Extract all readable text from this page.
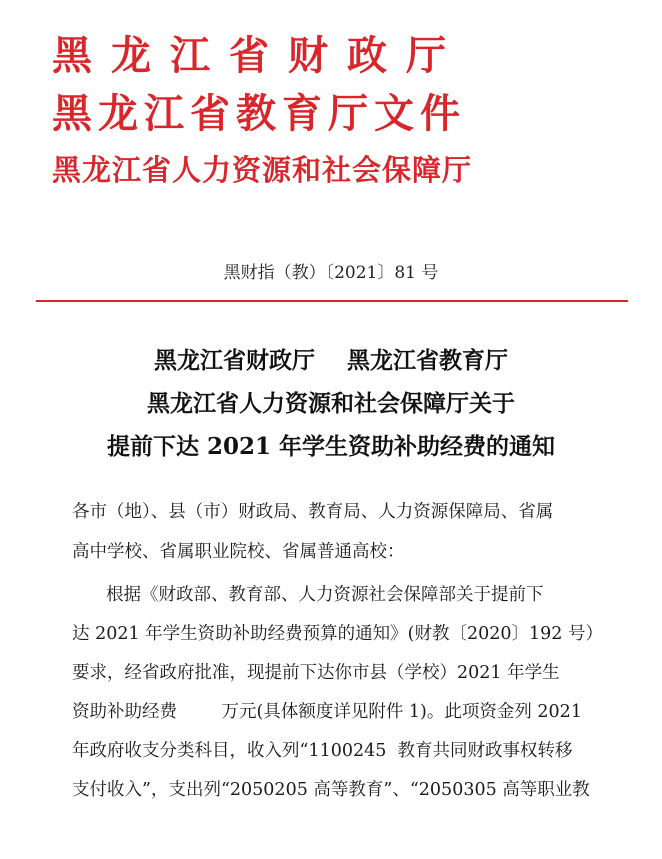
黑龙江省财政厅
黑龙江省教育厅文件
黑龙江省人力资源和社会保障厅
黑财指（教）〔2021〕81 号
黑龙江省财政厅    黑龙江省教育厅
黑龙江省人力资源和社会保障厅关于
提前下达 2021 年学生资助补助经费的通知
各市（地）、县（市）财政局、教育局、人力资源保障局、省属
高中学校、省属职业院校、省属普通高校：
根据《财政部、教育部、人力资源社会保障部关于提前下
达 2021 年学生资助补助经费预算的通知》(财教〔2020〕192 号）
要求，经省政府批准，现提前下达你市县（学校）2021 年学生
资助补助经费        万元(具体额度详见附件 1)。此项资金列 2021
年政府收支分类科目，收入列“1100245  教育共同财政事权转移
支付收入”，支出列“2050205 高等教育”、“2050305 高等职业教
